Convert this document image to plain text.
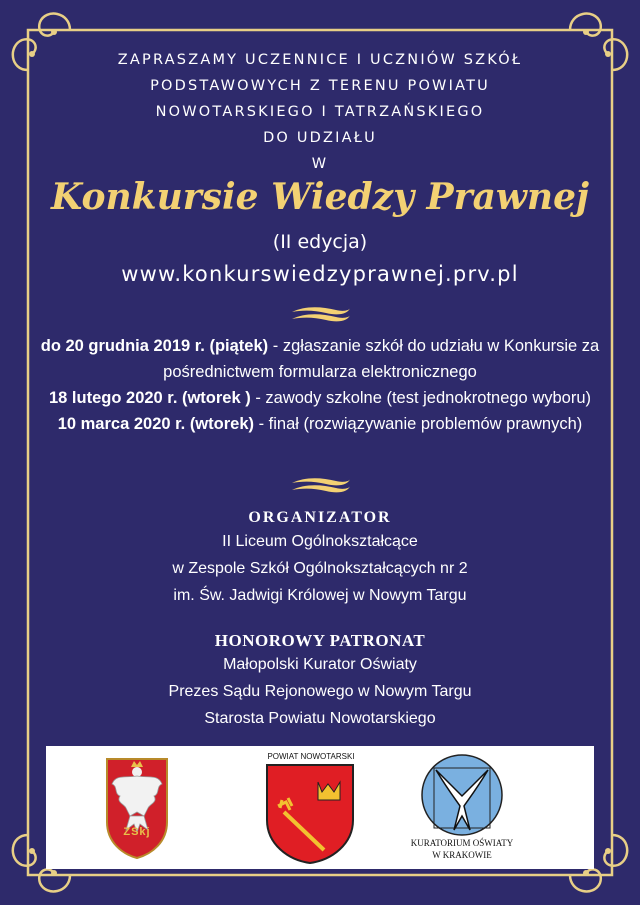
ZAPRASZAMY UCZENNICE I UCZNIÓW SZKÓŁ
PODSTAWOWYCH Z TERENU POWIATU
NOWOTARSKIEGO I TATRZAŃSKIEGO
DO UDZIAŁU
W
Konkursie Wiedzy Prawnej
(II edycja)
www.konkurswiedzyprawnej.prv.pl

do 20 grudnia 2019 r. (piątek) - zgłaszanie szkół do udziału w Konkursie za pośrednictwem formularza elektronicznego

18 lutego 2020 r. (wtorek ) - zawody szkolne (test jednokrotnego wyboru)

10 marca 2020 r. (wtorek) - finał (rozwiązywanie problemów prawnych)

ORGANIZATOR
II Liceum Ogólnokształcące
w Zespole Szkół Ogólnokształcących nr 2
im. Św. Jadwigi Królowej w Nowym Targu
HONOROWY PATRONAT
Małopolski Kurator Oświaty
Prezes Sądu Rejonowego w Nowym Targu
Starosta Powiatu Nowotarskiego
ZSkj
POWIAT NOWOTARSKI
KURATORIUM OŚWIATY
W KRAKOWIE
